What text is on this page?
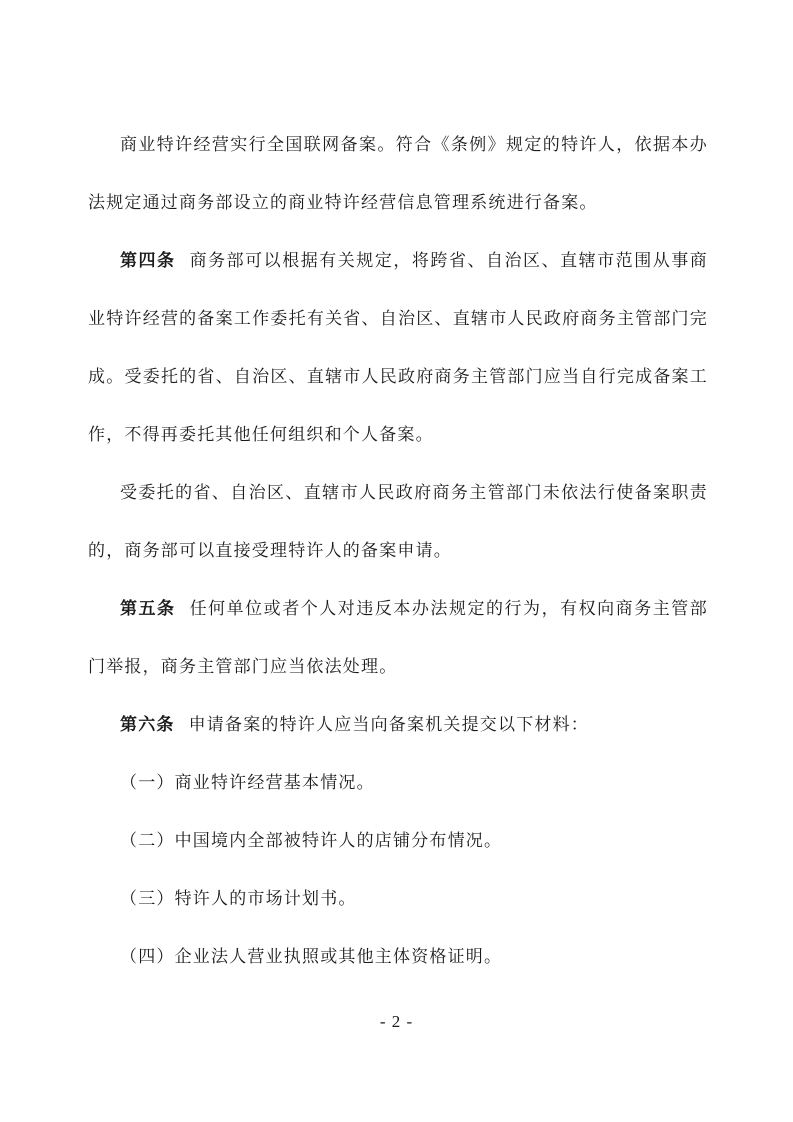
商业特许经营实行全国联网备案。符合《条例》规定的特许人，依据本办法规定通过商务部设立的商业特许经营信息管理系统进行备案。

第四条 商务部可以根据有关规定，将跨省、自治区、直辖市范围从事商业特许经营的备案工作委托有关省、自治区、直辖市人民政府商务主管部门完成。受委托的省、自治区、直辖市人民政府商务主管部门应当自行完成备案工作，不得再委托其他任何组织和个人备案。

受委托的省、自治区、直辖市人民政府商务主管部门未依法行使备案职责的，商务部可以直接受理特许人的备案申请。

第五条 任何单位或者个人对违反本办法规定的行为，有权向商务主管部门举报，商务主管部门应当依法处理。

第六条 申请备案的特许人应当向备案机关提交以下材料：

（一）商业特许经营基本情况。

（二）中国境内全部被特许人的店铺分布情况。

（三）特许人的市场计划书。

（四）企业法人营业执照或其他主体资格证明。

- 2 -
